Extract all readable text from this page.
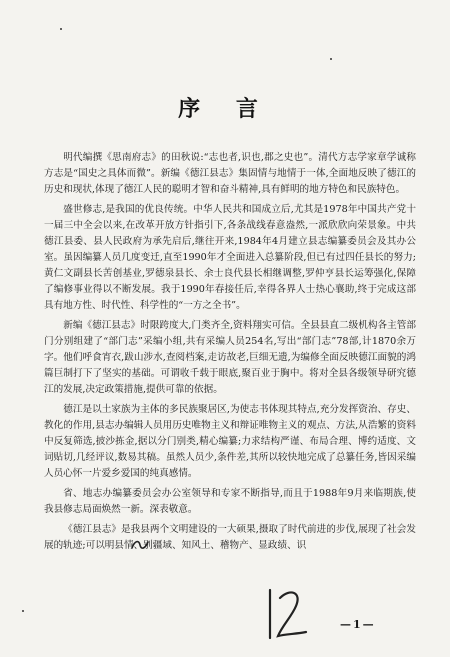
序 言

明代编撰《思南府志》的田秋说:“志也者,识也,郡之史也”。清代方志学家章学诚称方志是“国史之具体而微”。新编《德江县志》集固情与地情于一体,全面地反映了德江的历史和现状,体现了德江人民的聪明才智和奋斗精神,具有鲜明的地方特色和民族特色。

盛世修志,是我国的优良传统。中华人民共和国成立后,尤其是1978年中国共产党十一届三中全会以来,在改革开放方针指引下,各条战线春意盎然,一派欣欣向荣景象。中共德江县委、县人民政府为承先启后,继往开来,1984年4月建立县志编纂委员会及其办公室。虽因编纂人员几度变迁,直至1990年才全面进入总纂阶段,但已有过四任县长的努力;黄仁文副县长苦创基业,罗德泉县长、余士良代县长相继调整,罗仲亨县长运筹强化,保障了编修事业得以不断发展。我于1990年春接任后,幸得各界人士热心襄助,终于完成这部具有地方性、时代性、科学性的“一方之全书”。

新编《德江县志》时限跨度大,门类齐全,资料翔实可信。全县县直二级机构各主管部门分别组建了“部门志”采编小组,共有采编人员254名,写出“部门志”78部,计1870余万字。他们呼食宵衣,跋山涉水,查阅档案,走访故老,巨细无遗,为编修全面反映德江面貌的鸿篇巨制打下了坚实的基础。可谓收千载于眼底,聚百业于胸中。将对全县各级领导研究德江的发展,决定政策措施,提供可靠的依据。

德江是以土家族为主体的多民族聚居区,为使志书体现其特点,充分发挥资治、存史、教化的作用,县志办编辑人员用历史唯物主义和辩证唯物主义的观点、方法,从浩繁的资料中反复筛选,披沙拣金,据以分门别类,精心编纂;力求结构严谨、布局合理、博约适度、文词贴切,几经评议,数易其稿。虽然人员少,条件差,其所以较快地完成了总纂任务,皆因采编人员心怀一片爱乡爱国的纯真感情。

省、地志办编纂委员会办公室领导和专家不断指导,而且于1988年9月来临期族,使我县修志局面焕然一新。深表敬意。

《德江县志》是我县两个文明建设的一大硕果,摄取了时代前进的步伐,展现了社会发展的轨迹;可以明县情、别疆域、知风土、稽物产、显政绩、识

—1—
